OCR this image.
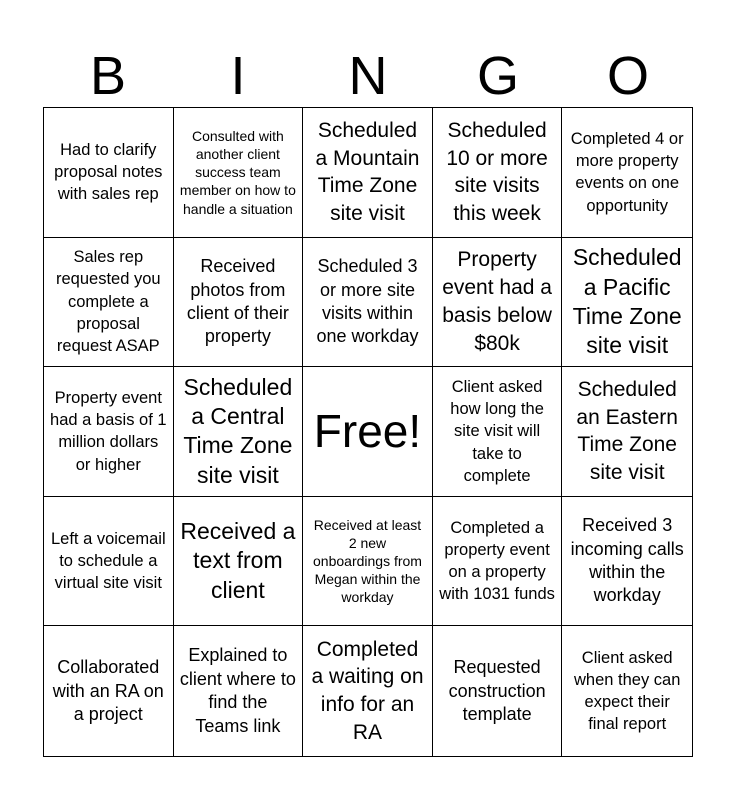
B	I	N	G	O
Had to clarify proposal notes with sales rep
Consulted with another client success team member on how to handle a situation
Scheduled a Mountain Time Zone site visit
Scheduled 10 or more site visits this week
Completed 4 or more property events on one opportunity
Sales rep requested you complete a proposal request ASAP
Received photos from client of their property
Scheduled 3 or more site visits within one workday
Property event had a basis below $80k
Scheduled a Pacific Time Zone site visit
Property event had a basis of 1 million dollars or higher
Scheduled a Central Time Zone site visit
Free!
Client asked how long the site visit will take to complete
Scheduled an Eastern Time Zone site visit
Left a voicemail to schedule a virtual site visit
Received a text from client
Received at least 2 new onboardings from Megan within the workday
Completed a property event on a property with 1031 funds
Received 3 incoming calls within the workday
Collaborated with an RA on a project
Explained to client where to find the Teams link
Completed a waiting on info for an RA
Requested construction template
Client asked when they can expect their final report
